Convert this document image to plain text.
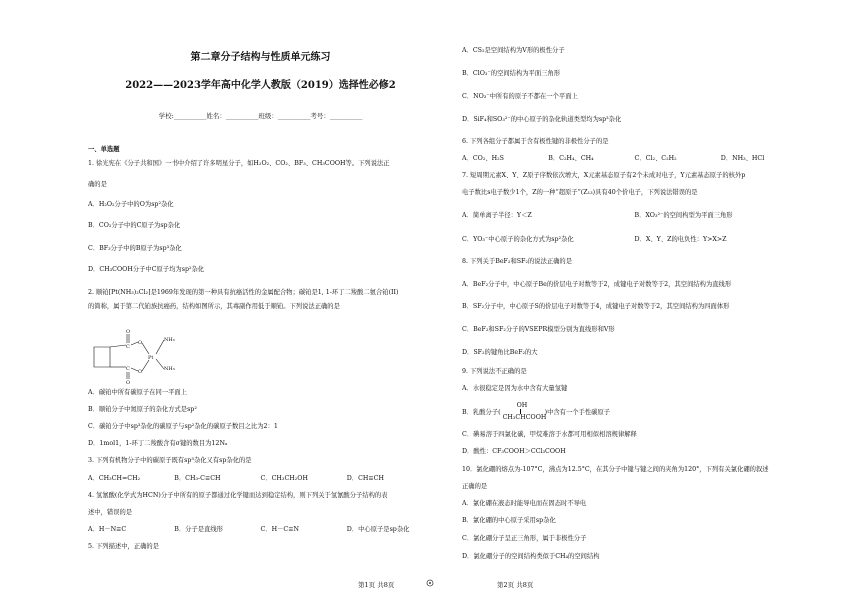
第二章分子结构与性质单元练习
2022——2023学年高中化学人教版（2019）选择性必修2
学校:__________姓名：__________班级：__________考号：__________
一、单选题
1. 徐光宪在《分子共和国》一书中介绍了许多明星分子，如H₂O₂、CO₂、BF₃、CH₃COOH等。下列说法正
确的是
A．H₂O₂分子中的O为sp²杂化
B．CO₂分子中的C原子为sp杂化
C．BF₃分子中的B原子为sp³杂化
D．CH₃COOH分子中C原子均为sp²杂化
2. 顺铂[Pt(NH₃)₂Cl₂]是1969年发现的第一种具有抗癌活性的金属配合物；碳铂是1, 1-环丁二羧酸二氨合铂(II)
的简称，属于第二代铂族抗癌药，结构如图所示，其毒副作用低于顺铂。下列说法正确的是
O
C
C
O
O
O
Pt
NH₃
NH₃
A．碳铂中所有碳原子在同一平面上
B．顺铂分子中氮原子的杂化方式是sp²
C．碳铂分子中sp³杂化的碳原子与sp²杂化的碳原子数目之比为2：1
D．1mol1，1-环丁二羧酸含有σ键的数目为12Nₐ
3. 下列有机物分子中的碳原子既有sp³杂化又有sp杂化的是
A．CH₃CH=CH₂	B．CH₃-C≡CH	C．CH₃CH₂OH	D．CH≡CH
4. 氢氰酸(化学式为HCN)分子中所有的原子都通过化学键而达到稳定结构，则下列关于氢氰酸分子结构的表
述中，错误的是
A．H－N≡C	B．分子是直线形	C．H－C≡N	D．中心原子是sp杂化
5. 下列描述中，正确的是
A．CS₂是空间结构为V形的极性分子
B．ClO₃⁻的空间结构为平面三角形
C．NO₃⁻中所有的原子不都在一个平面上
D．SiF₄和SO₃²⁻的中心原子的杂化轨道类型均为sp³杂化
6. 下列各组分子都属于含有极性键的非极性分子的是
A．CO₂、H₂S	B．C₂H₄、CH₄	C．Cl₂、C₂H₂	D．NH₃、HCl
7. 短周期元素X、Y、Z原子序数依次增大，X元素基态原子有2个未成对电子，Y元素基态原子的核外p
电子数比s电子数少1个，Z的一种“超原子”(Z₁₃)具有40个价电子，下列说法错误的是
A．简单离子半径：Y＜Z	B．XO₃²⁻的空间构型为平面三角形
C．YO₃⁻中心原子的杂化方式为sp²杂化	D．X、Y、Z的电负性：Y>X>Z
8. 下列关于BeF₂和SF₂的说法正确的是
A．BeF₂分子中，中心原子Be的价层电子对数等于2，成键电子对数等于2，其空间结构为直线形
B．SF₂分子中，中心原子S的价层电子对数等于4，成键电子对数等于2，其空间结构为四面体形
C．BeF₂和SF₂分子的VSEPR模型分别为直线形和V形
D．SF₂的键角比BeF₂的大
9. 下列说法不正确的是
A．水很稳定是因为水中含有大量氢键
B．乳酸分子(
OH
CH₃CHCOOH
)中含有一个手性碳原子
C．碘易溶于四氯化碳，甲烷难溶于水都可用相似相溶规律解释
D．酸性：CF₃COOH＞CCl₃COOH
10．氯化硼的熔点为-107°C，沸点为12.5°C，在其分子中键与键之间的夹角为120°，下列有关氯化硼的叙述
正确的是
A．氯化硼在液态时能导电而在固态时不导电
B．氯化硼的中心原子采用sp杂化
C．氯化硼分子呈正三角形，属于非极性分子
D．氯化硼分子的空间结构类似于CH₄的空间结构
第1页 共8页	第2页 共8页
